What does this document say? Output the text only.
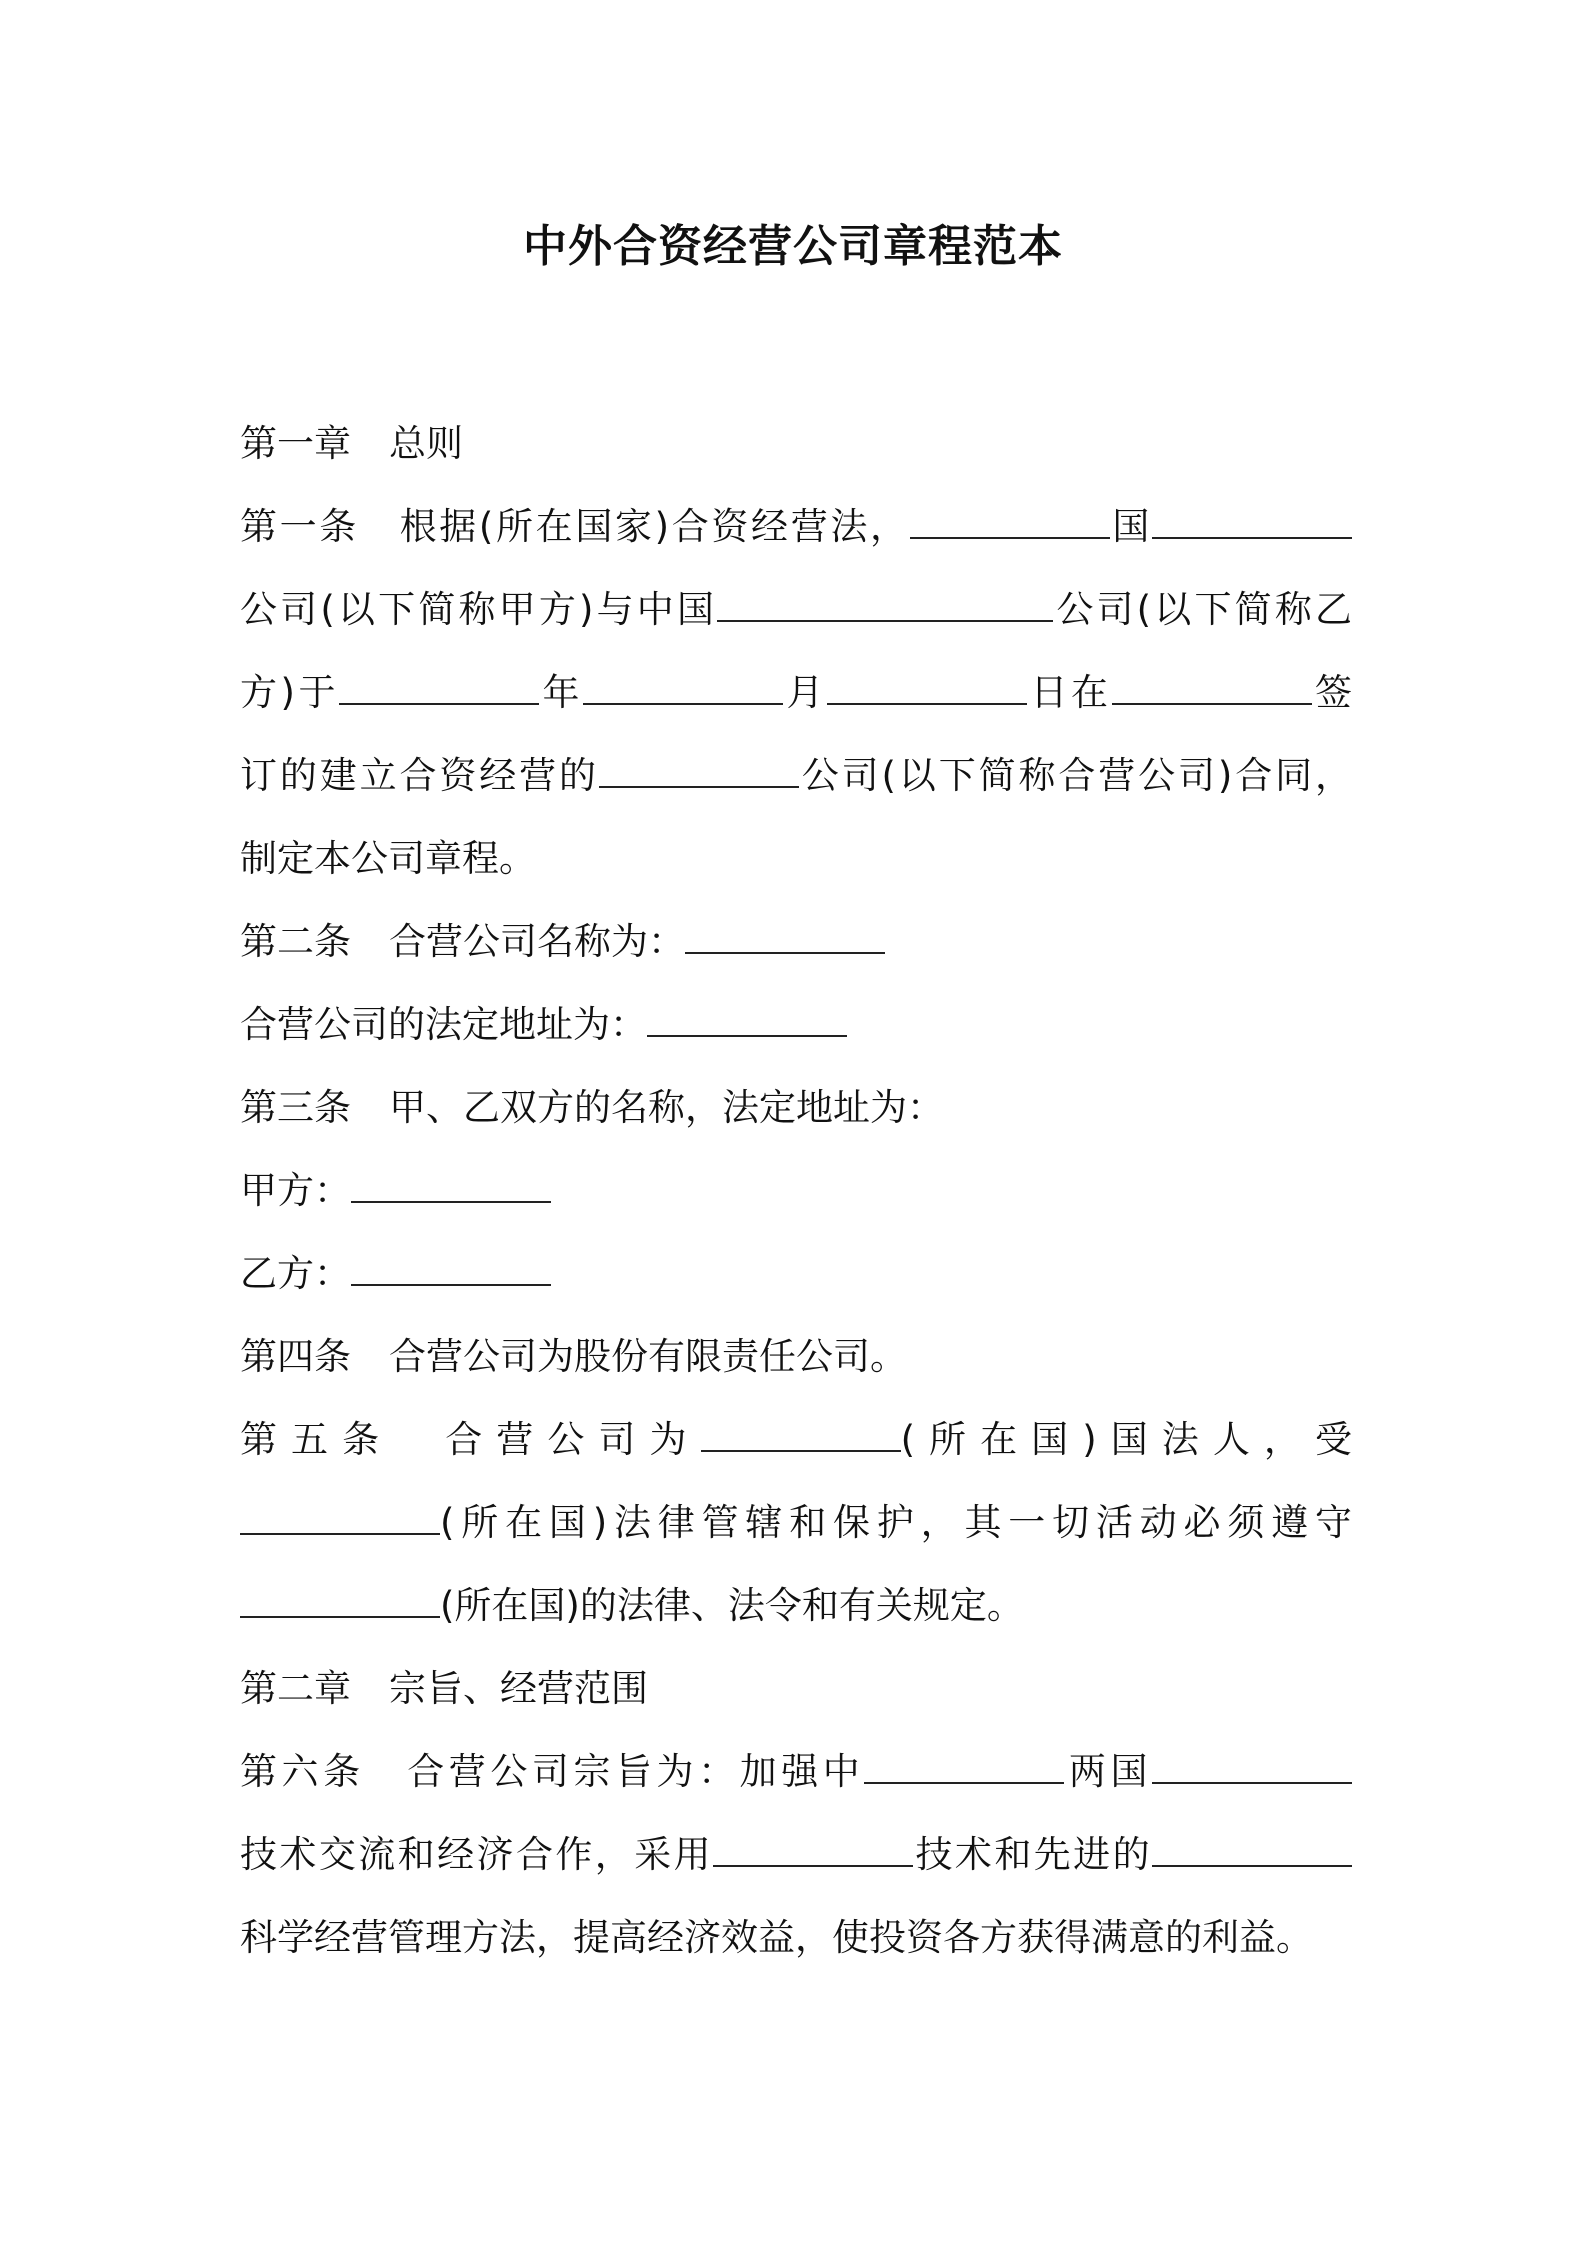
中外合资经营公司章程范本
第一章 总则
第一条 根据(所在国家)合资经营法，	国
公司(以下简称甲方)与中国	公司(以下简称乙
方)于	年	月	日在	签
订的建立合资经营的	公司(以下简称合营公司)合同，
制定本公司章程。
第二条 合营公司名称为：
合营公司的法定地址为：
第三条 甲、乙双方的名称，法定地址为：
甲方：
乙方：
第四条 合营公司为股份有限责任公司。
第五条 合营公司为	(所在国)国法人，受
(所在国)法律管辖和保护，其一切活动必须遵守
(所在国)的法律、法令和有关规定。
第二章 宗旨、经营范围
第六条 合营公司宗旨为：加强中	两国
技术交流和经济合作，采用	技术和先进的
科学经营管理方法，提高经济效益，使投资各方获得满意的利益。
